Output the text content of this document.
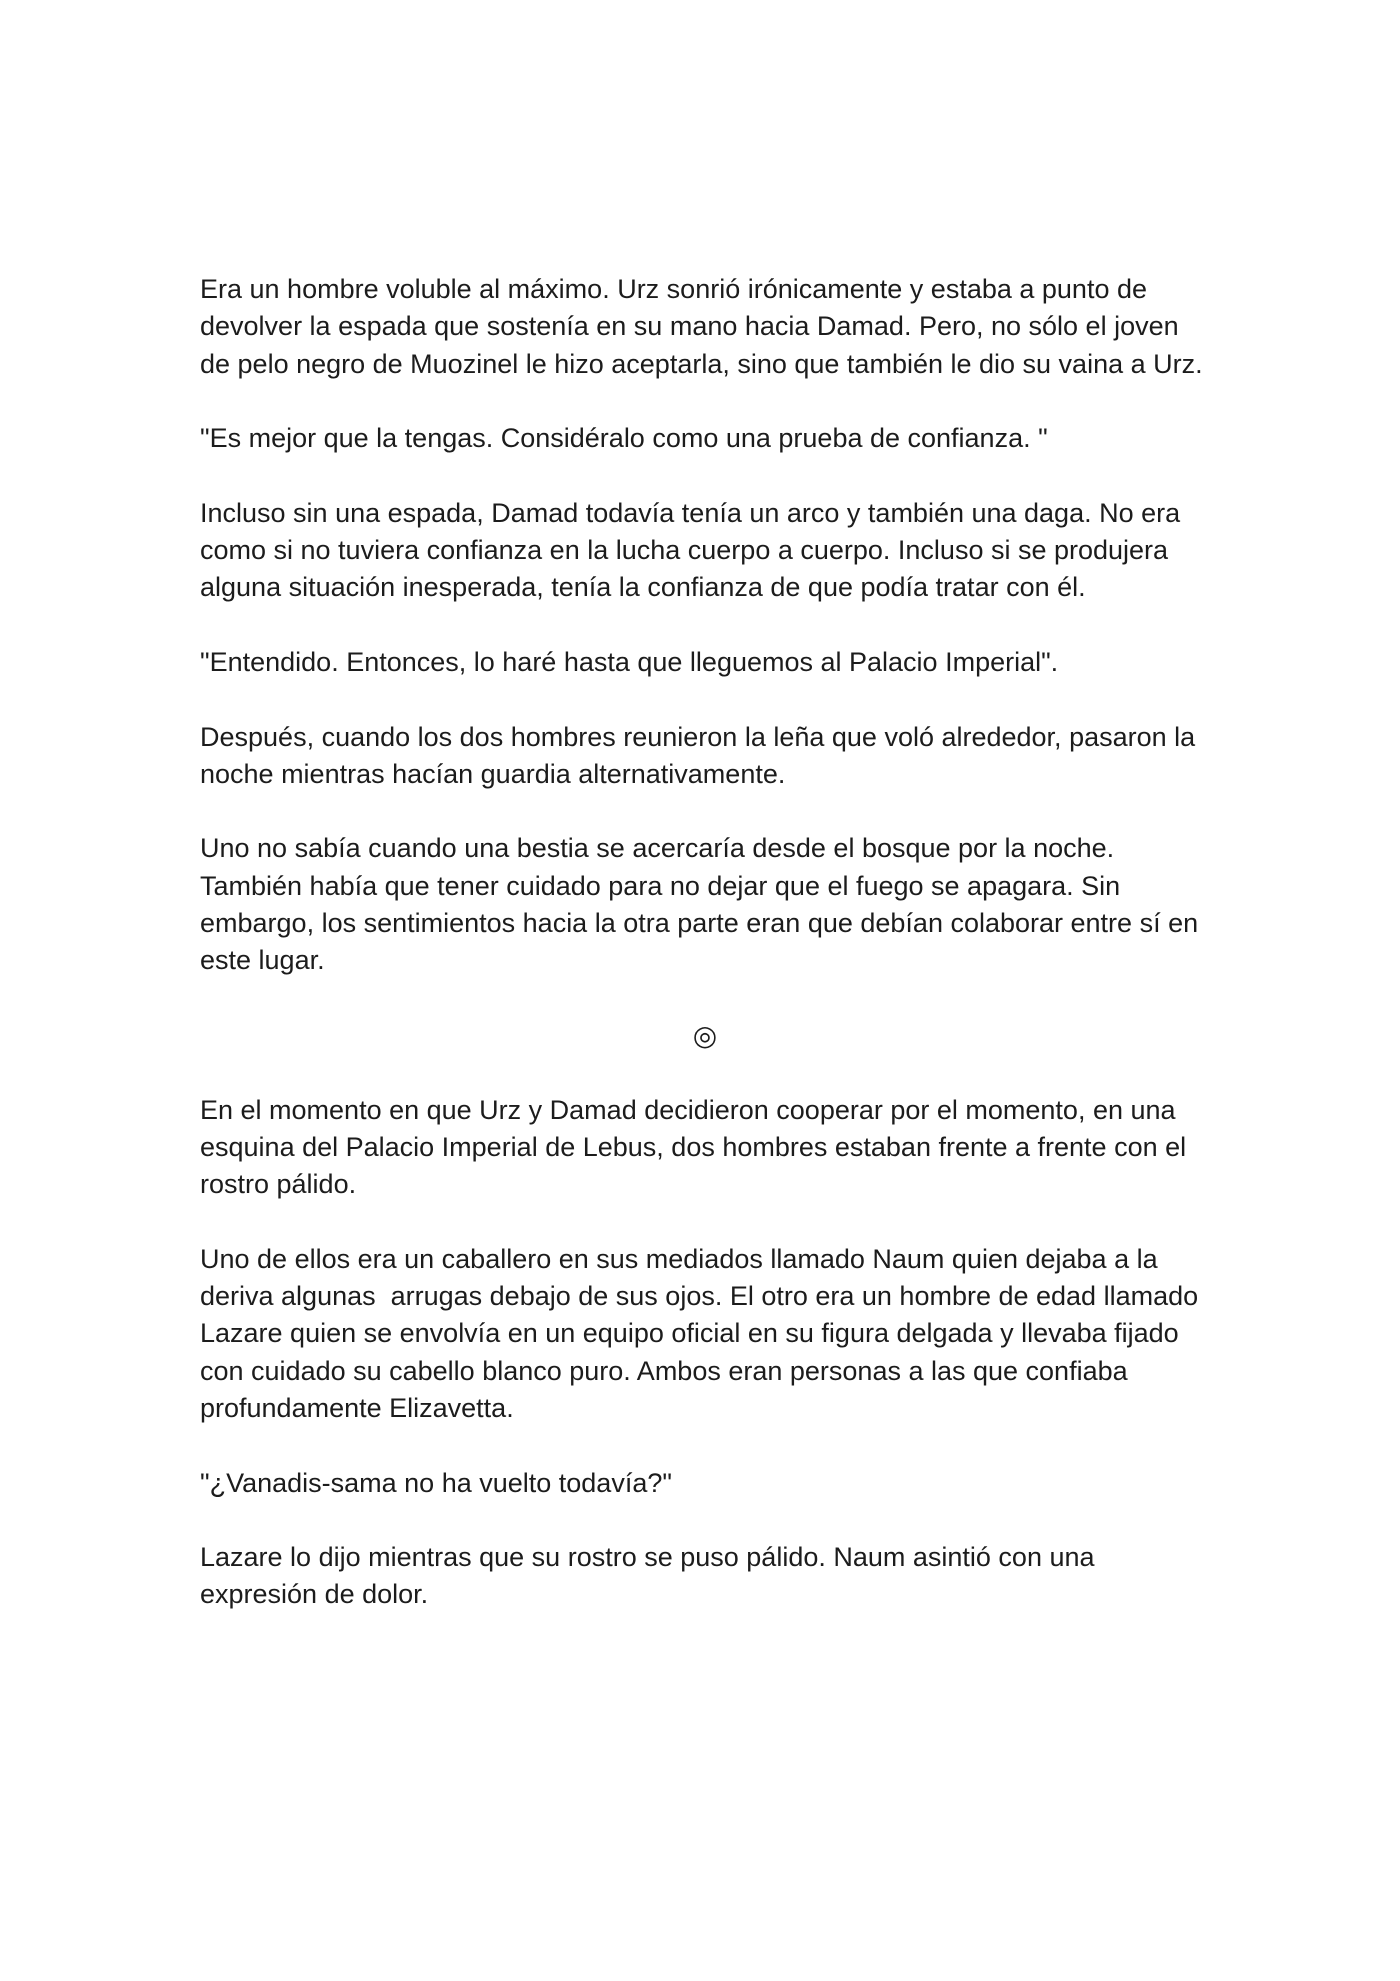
Era un hombre voluble al máximo. Urz sonrió irónicamente y estaba a punto de devolver la espada que sostenía en su mano hacia Damad. Pero, no sólo el joven de pelo negro de Muozinel le hizo aceptarla, sino que también le dio su vaina a Urz.

"Es mejor que la tengas. Considéralo como una prueba de confianza. "

Incluso sin una espada, Damad todavía tenía un arco y también una daga. No era como si no tuviera confianza en la lucha cuerpo a cuerpo. Incluso si se produjera alguna situación inesperada, tenía la confianza de que podía tratar con él.

"Entendido. Entonces, lo haré hasta que lleguemos al Palacio Imperial".

Después, cuando los dos hombres reunieron la leña que voló alrededor, pasaron la noche mientras hacían guardia alternativamente.

Uno no sabía cuando una bestia se acercaría desde el bosque por la noche. También había que tener cuidado para no dejar que el fuego se apagara. Sin embargo, los sentimientos hacia la otra parte eran que debían colaborar entre sí en este lugar.

◎

En el momento en que Urz y Damad decidieron cooperar por el momento, en una esquina del Palacio Imperial de Lebus, dos hombres estaban frente a frente con el rostro pálido.

Uno de ellos era un caballero en sus mediados llamado Naum quien dejaba a la deriva algunas  arrugas debajo de sus ojos. El otro era un hombre de edad llamado Lazare quien se envolvía en un equipo oficial en su figura delgada y llevaba fijado con cuidado su cabello blanco puro. Ambos eran personas a las que confiaba profundamente Elizavetta.

"¿Vanadis-sama no ha vuelto todavía?"

Lazare lo dijo mientras que su rostro se puso pálido. Naum asintió con una expresión de dolor.
